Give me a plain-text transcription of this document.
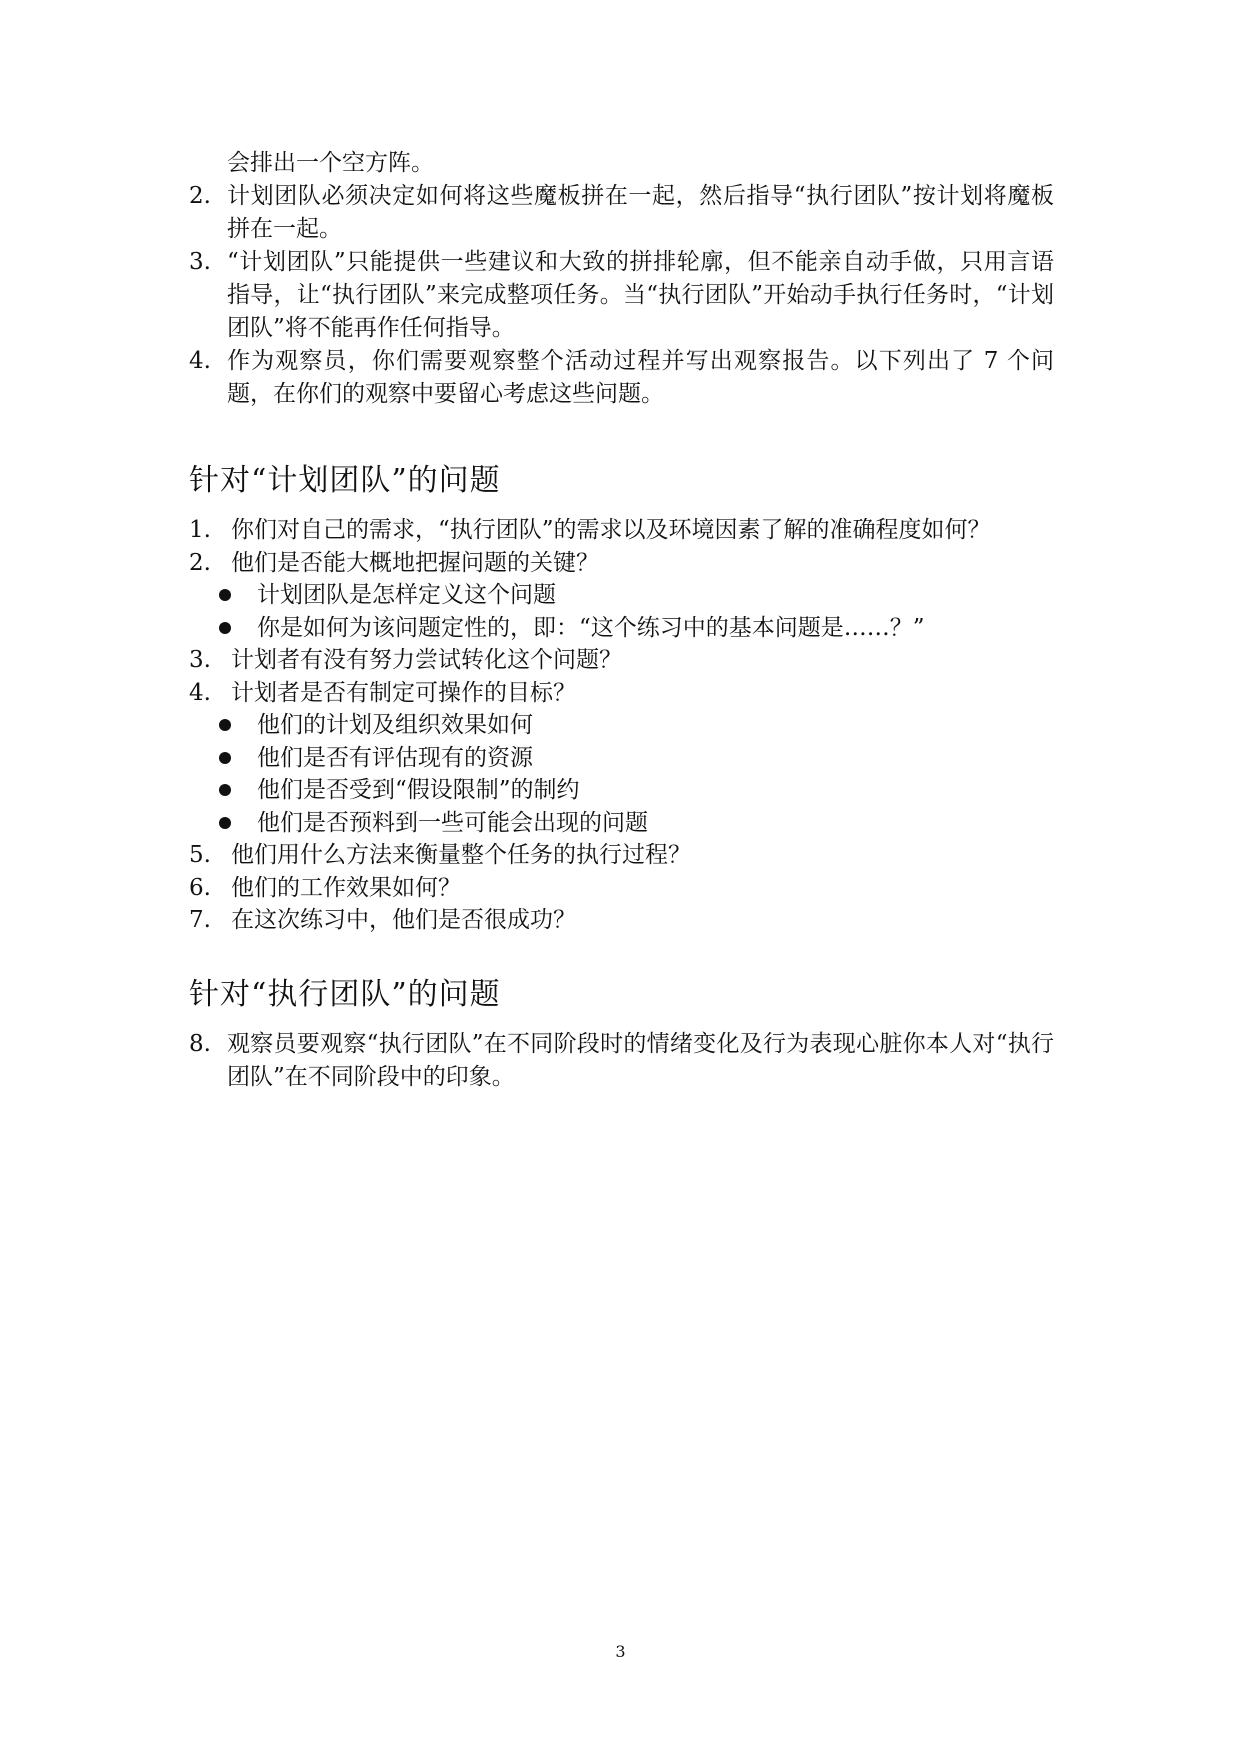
会排出一个空方阵。
2. 计划团队必须决定如何将这些魔板拼在一起，然后指导“执行团队”按计划将魔板拼在一起。
3. “计划团队”只能提供一些建议和大致的拼排轮廓，但不能亲自动手做，只用言语指导，让“执行团队”来完成整项任务。当“执行团队”开始动手执行任务时，“计划团队”将不能再作任何指导。
4. 作为观察员，你们需要观察整个活动过程并写出观察报告。以下列出了 7 个问题，在你们的观察中要留心考虑这些问题。
针对“计划团队”的问题
1. 你们对自己的需求，“执行团队”的需求以及环境因素了解的准确程度如何？
2. 他们是否能大概地把握问题的关键？
计划团队是怎样定义这个问题
你是如何为该问题定性的，即：“这个练习中的基本问题是……？”
3. 计划者有没有努力尝试转化这个问题？
4. 计划者是否有制定可操作的目标？
他们的计划及组织效果如何
他们是否有评估现有的资源
他们是否受到“假设限制”的制约
他们是否预料到一些可能会出现的问题
5. 他们用什么方法来衡量整个任务的执行过程？
6. 他们的工作效果如何？
7. 在这次练习中，他们是否很成功？
针对“执行团队”的问题
8. 观察员要观察“执行团队”在不同阶段时的情绪变化及行为表现心脏你本人对“执行团队”在不同阶段中的印象。
3
